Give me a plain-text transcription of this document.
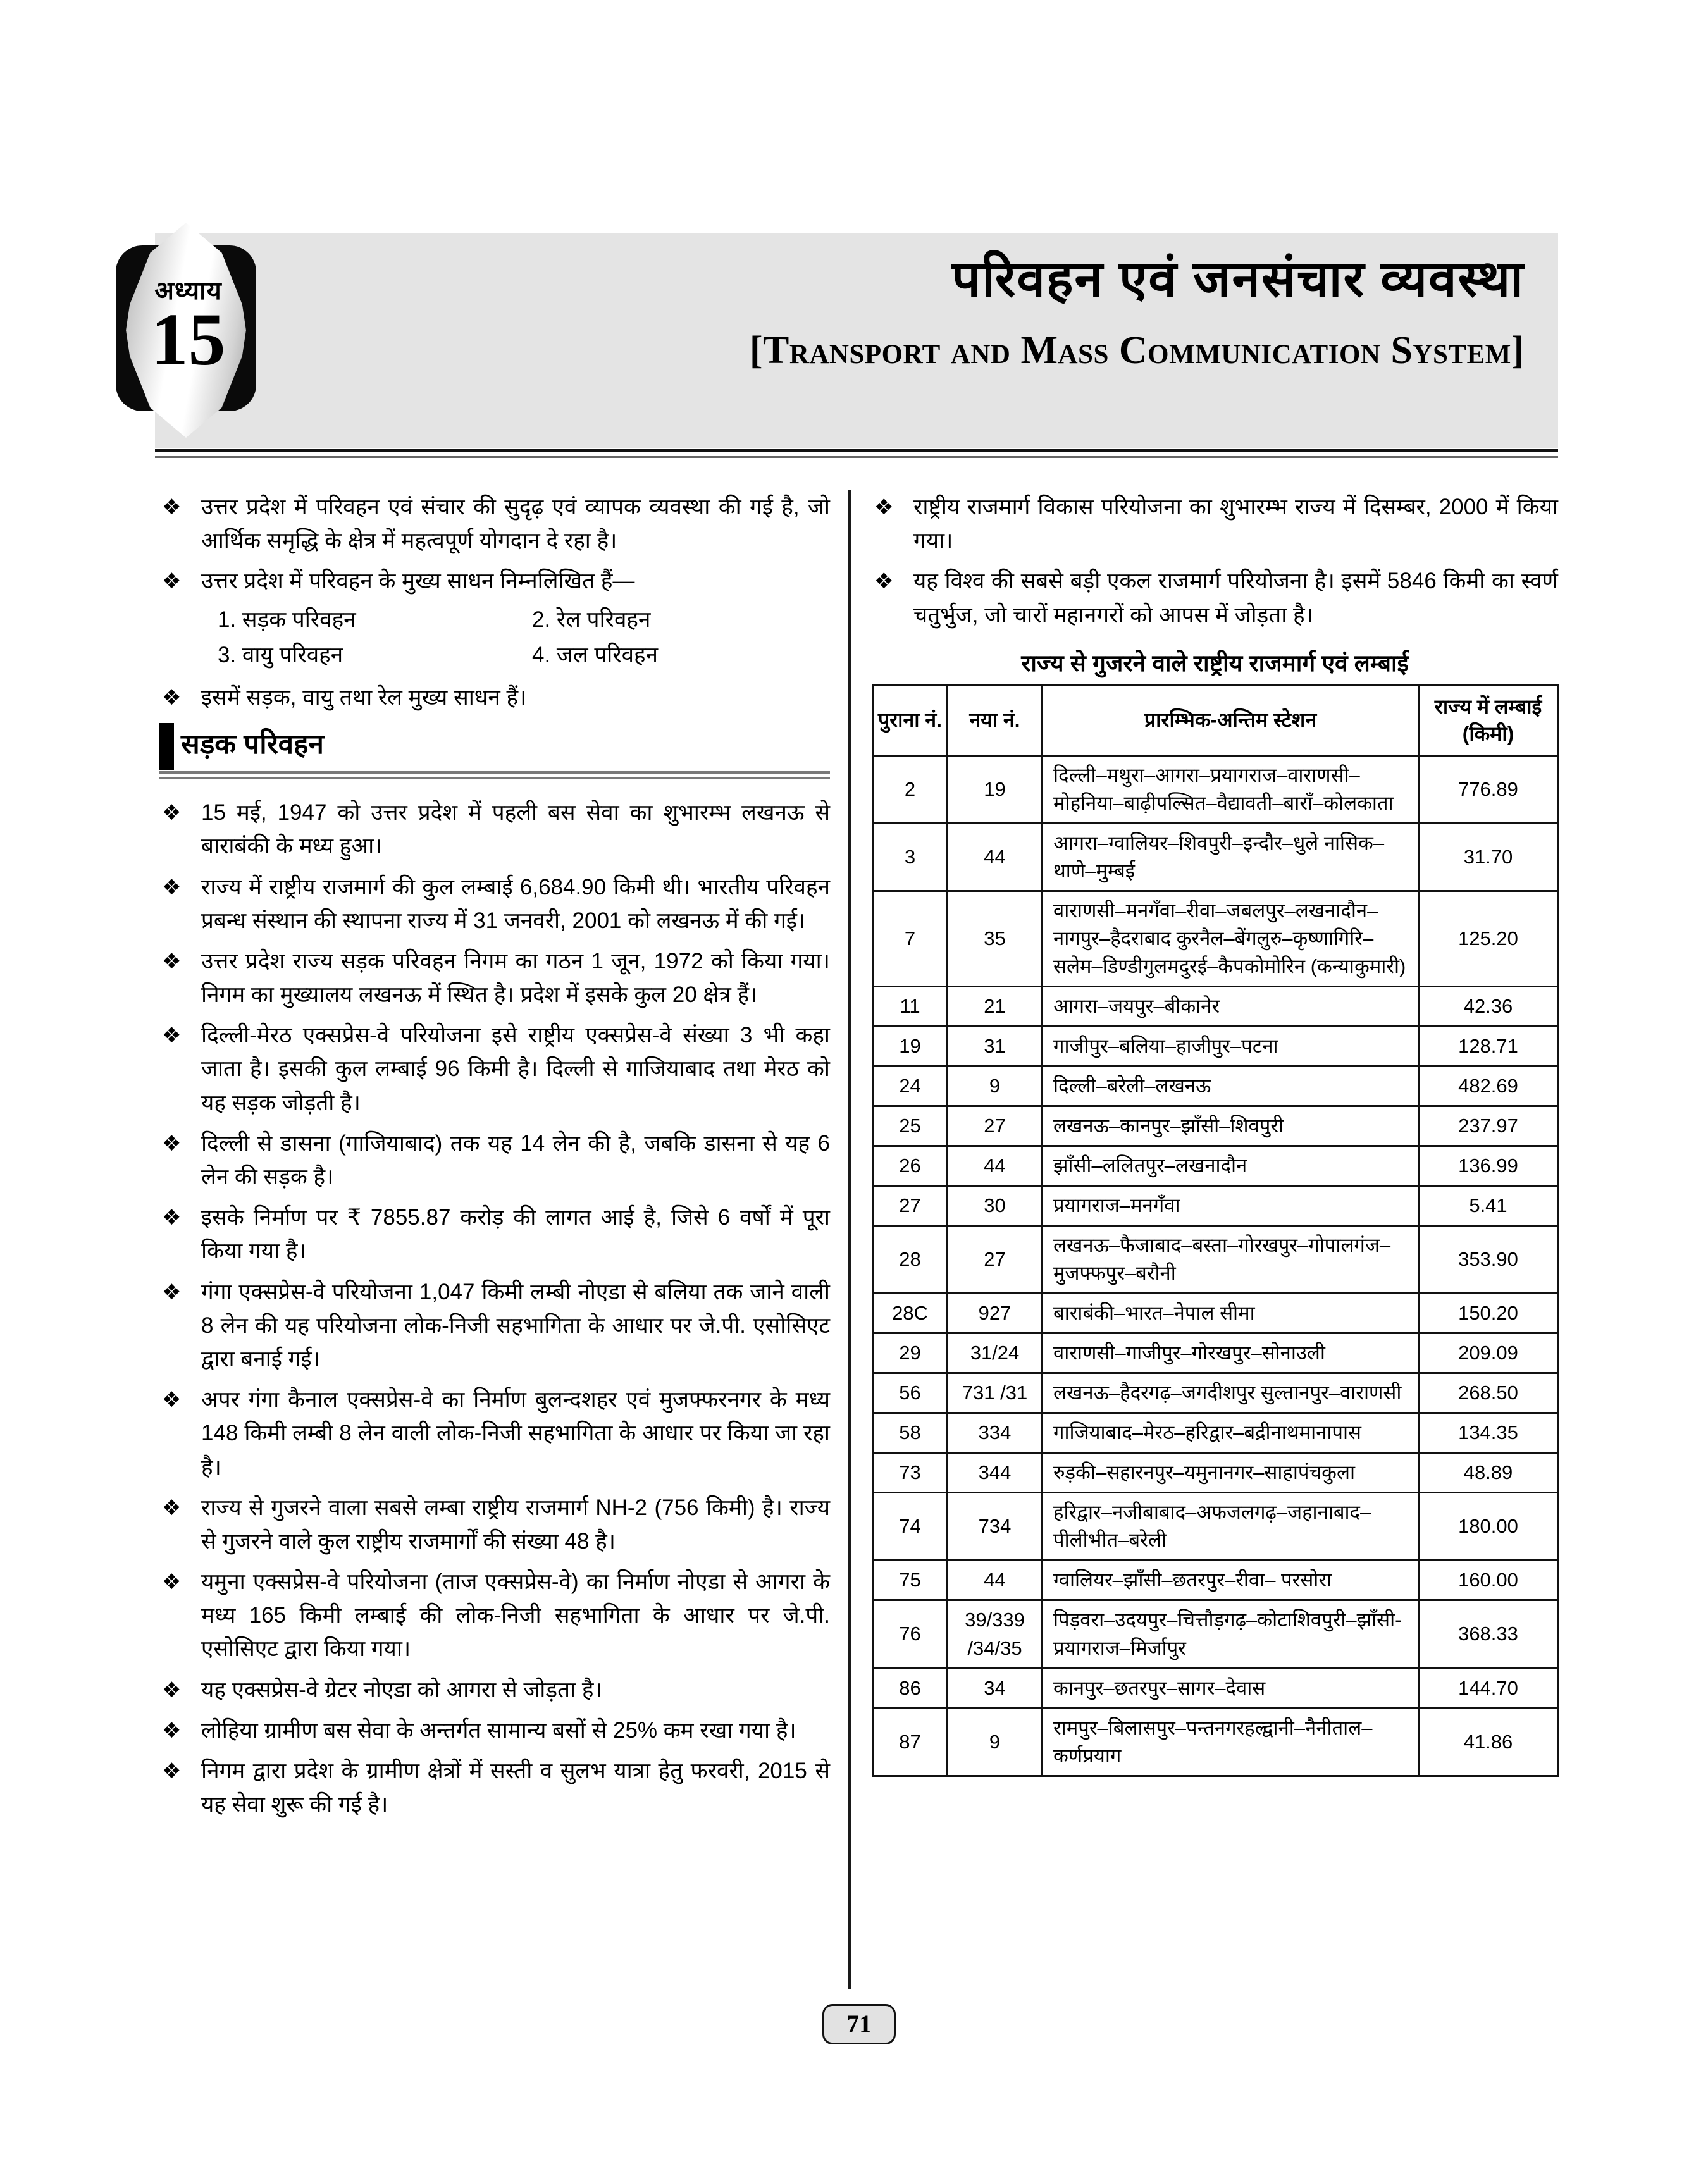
अध्याय
15
परिवहन एवं जनसंचार व्यवस्था
[Transport and Mass Communication System]
❖ उत्तर प्रदेश में परिवहन एवं संचार की सुदृढ़ एवं व्यापक व्यवस्था की गई है, जो आर्थिक समृद्धि के क्षेत्र में महत्वपूर्ण योगदान दे रहा है।
❖ उत्तर प्रदेश में परिवहन के मुख्य साधन निम्नलिखित हैं—
1. सड़क परिवहन	2. रेल परिवहन
3. वायु परिवहन	4. जल परिवहन
❖ इसमें सड़क, वायु तथा रेल मुख्य साधन हैं।
सड़क परिवहन
❖ 15 मई, 1947 को उत्तर प्रदेश में पहली बस सेवा का शुभारम्भ लखनऊ से बाराबंकी के मध्य हुआ।
❖ राज्य में राष्ट्रीय राजमार्ग की कुल लम्बाई 6,684.90 किमी थी। भारतीय परिवहन प्रबन्ध संस्थान की स्थापना राज्य में 31 जनवरी, 2001 को लखनऊ में की गई।
❖ उत्तर प्रदेश राज्य सड़क परिवहन निगम का गठन 1 जून, 1972 को किया गया। निगम का मुख्यालय लखनऊ में स्थित है। प्रदेश में इसके कुल 20 क्षेत्र हैं।
❖ दिल्ली-मेरठ एक्सप्रेस-वे परियोजना इसे राष्ट्रीय एक्सप्रेस-वे संख्या 3 भी कहा जाता है। इसकी कुल लम्बाई 96 किमी है। दिल्ली से गाजियाबाद तथा मेरठ को यह सड़क जोड़ती है।
❖ दिल्ली से डासना (गाजियाबाद) तक यह 14 लेन की है, जबकि डासना से यह 6 लेन की सड़क है।
❖ इसके निर्माण पर ₹ 7855.87 करोड़ की लागत आई है, जिसे 6 वर्षों में पूरा किया गया है।
❖ गंगा एक्सप्रेस-वे परियोजना 1,047 किमी लम्बी नोएडा से बलिया तक जाने वाली 8 लेन की यह परियोजना लोक-निजी सहभागिता के आधार पर जे.पी. एसोसिएट द्वारा बनाई गई।
❖ अपर गंगा कैनाल एक्सप्रेस-वे का निर्माण बुलन्दशहर एवं मुजफ्फरनगर के मध्य 148 किमी लम्बी 8 लेन वाली लोक-निजी सहभागिता के आधार पर किया जा रहा है।
❖ राज्य से गुजरने वाला सबसे लम्बा राष्ट्रीय राजमार्ग NH-2 (756 किमी) है। राज्य से गुजरने वाले कुल राष्ट्रीय राजमार्गों की संख्या 48 है।
❖ यमुना एक्सप्रेस-वे परियोजना (ताज एक्सप्रेस-वे) का निर्माण नोएडा से आगरा के मध्य 165 किमी लम्बाई की लोक-निजी सहभागिता के आधार पर जे.पी. एसोसिएट द्वारा किया गया।
❖ यह एक्सप्रेस-वे ग्रेटर नोएडा को आगरा से जोड़ता है।
❖ लोहिया ग्रामीण बस सेवा के अन्तर्गत सामान्य बसों से 25% कम रखा गया है।
❖ निगम द्वारा प्रदेश के ग्रामीण क्षेत्रों में सस्ती व सुलभ यात्रा हेतु फरवरी, 2015 से यह सेवा शुरू की गई है।
❖ राष्ट्रीय राजमार्ग विकास परियोजना का शुभारम्भ राज्य में दिसम्बर, 2000 में किया गया।
❖ यह विश्व की सबसे बड़ी एकल राजमार्ग परियोजना है। इसमें 5846 किमी का स्वर्ण चतुर्भुज, जो चारों महानगरों को आपस में जोड़ता है।
राज्य से गुजरने वाले राष्ट्रीय राजमार्ग एवं लम्बाई
पुराना नं.	नया नं.	प्रारम्भिक-अन्तिम स्टेशन	राज्य में लम्बाई (किमी)
2	19	दिल्ली–मथुरा–आगरा–प्रयागराज–वाराणसी–मोहनिया–बाढ़ीपल्सित–वैद्यावती–बाराँ–कोलकाता	776.89
3	44	आगरा–ग्वालियर–शिवपुरी–इन्दौर–धुले नासिक–थाणे–मुम्बई	31.70
7	35	वाराणसी–मनगँवा–रीवा–जबलपुर–लखनादौन–नागपुर–हैदराबाद कुरनैल–बेंगलुरु–कृष्णागिरि–सलेम–डिण्डीगुलमदुरई–कैपकोमोरिन (कन्याकुमारी)	125.20
11	21	आगरा–जयपुर–बीकानेर	42.36
19	31	गाजीपुर–बलिया–हाजीपुर–पटना	128.71
24	9	दिल्ली–बरेली–लखनऊ	482.69
25	27	लखनऊ–कानपुर–झाँसी–शिवपुरी	237.97
26	44	झाँसी–ललितपुर–लखनादौन	136.99
27	30	प्रयागराज–मनगँवा	5.41
28	27	लखनऊ–फैजाबाद–बस्ता–गोरखपुर–गोपालगंज–मुजफ्फपुर–बरौनी	353.90
28C	927	बाराबंकी–भारत–नेपाल सीमा	150.20
29	31/24	वाराणसी–गाजीपुर–गोरखपुर–सोनाउली	209.09
56	731 /31	लखनऊ–हैदरगढ़–जगदीशपुर सुल्तानपुर–वाराणसी	268.50
58	334	गाजियाबाद–मेरठ–हरिद्वार–बद्रीनाथमानापास	134.35
73	344	रुड़की–सहारनपुर–यमुनानगर–साहापंचकुला	48.89
74	734	हरिद्वार–नजीबाबाद–अफजलगढ़–जहानाबाद– पीलीभीत–बरेली	180.00
75	44	ग्वालियर–झाँसी–छतरपुर–रीवा– परसोरा	160.00
76	39/339 /34/35	पिड़वरा–उदयपुर–चित्तौड़गढ़–कोटाशिवपुरी–झाँसी-प्रयागराज–मिर्जापुर	368.33
86	34	कानपुर–छतरपुर–सागर–देवास	144.70
87	9	रामपुर–बिलासपुर–पन्तनगरहल्द्वानी–नैनीताल–कर्णप्रयाग	41.86
71
